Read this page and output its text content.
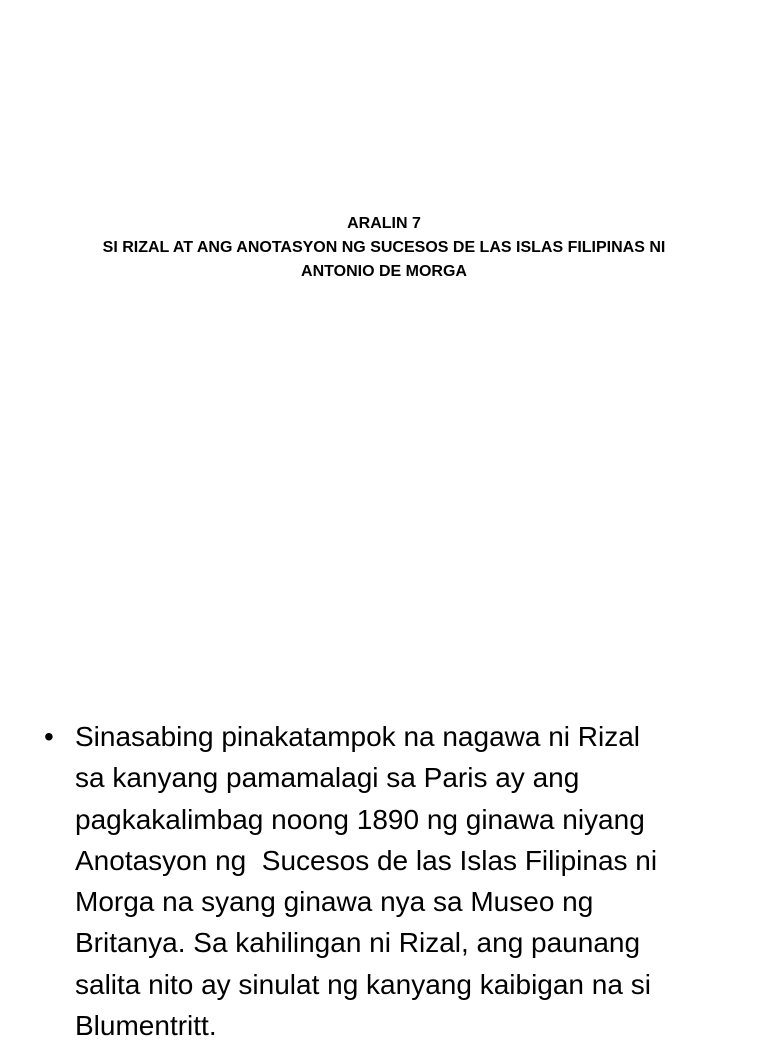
ARALIN 7
SI RIZAL AT ANG ANOTASYON NG SUCESOS DE LAS ISLAS FILIPINAS NI
ANTONIO DE MORGA
• Sinasabing pinakatampok na nagawa ni Rizal
sa kanyang pamamalagi sa Paris ay ang
pagkakalimbag noong 1890 ng ginawa niyang
Anotasyon ng  Sucesos de las Islas Filipinas ni
Morga na syang ginawa nya sa Museo ng
Britanya. Sa kahilingan ni Rizal, ang paunang
salita nito ay sinulat ng kanyang kaibigan na si
Blumentritt.
